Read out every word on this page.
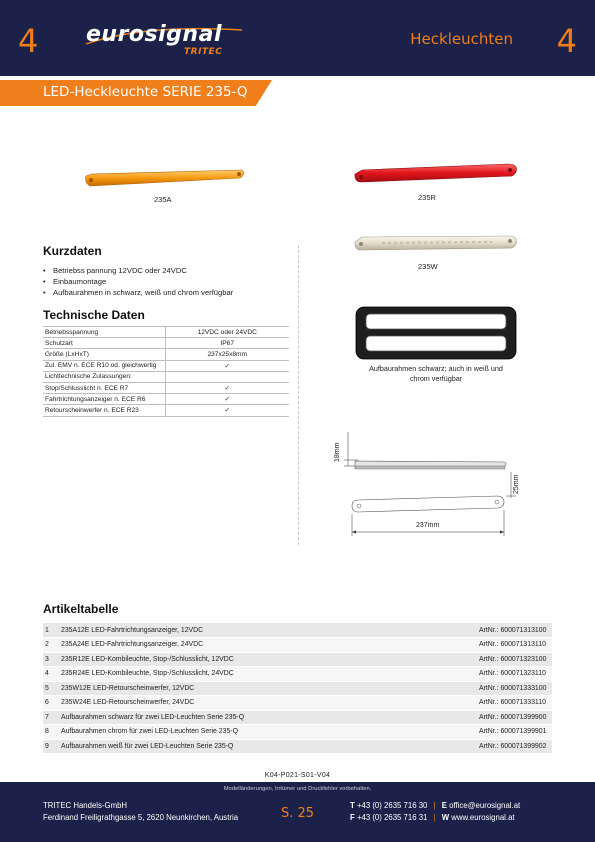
4 eurosignal
TRITEC
Heckleuchten 4
LED-Heckleuchte SERIE 235-Q
235A	235R
235W
Aufbaurahmen schwarz; auch in weiß und
chrom verfügbar
Kurzdaten
• Betriebss pannung 12VDC oder 24VDC
• Einbaumontage
• Aufbaurahmen in schwarz, weiß und chrom verfügbar
Technische Daten
Betriebsspannung	12VDC oder 24VDC
Schutzart	IP67
Größe (LxHxT)	237x25x8mm
Zul. EMV n. ECE R10 od. gleichwertig	✓
Lichttechnische Zulassungen:	
Stop/Schlusslicht n. ECE R7	✓
Fahrtrichtungsanzeiger n. ECE R6	✓
Retourscheinwerfer n. ECE R23	✓
18mm
25mm
237mm
Artikeltabelle
1	235A12E LED-Fahrtrichtungsanzeiger, 12VDC	ArtNr.: 600071313100
2	235A24E LED-Fahrtrichtungsanzeiger, 24VDC	ArtNr.: 600071313110
3	235R12E LED-Kombileuchte, Stop-/Schlusslicht, 12VDC	ArtNr.: 600071323100
4	235R24E LED-Kombileuchte, Stop-/Schlusslicht, 24VDC	ArtNr.: 600071323110
5	235W12E LED-Retourscheinwerfer, 12VDC	ArtNr.: 600071333100
6	235W24E LED-Retourscheinwerfer, 24VDC	ArtNr.: 600071333110
7	Aufbaurahmen schwarz für zwei LED-Leuchten Serie 235-Q	ArtNr.: 600071399900
8	Aufbaurahmen chrom für zwei LED-Leuchten Serie 235-Q	ArtNr.: 600071399901
9	Aufbaurahmen weiß für zwei LED-Leuchten Serie 235-Q	ArtNr.: 600071399902
K04-P021-S01-V04
Modelländerungen, Irrtümer und Druckfehler vorbehalten.
TRITEC Handels-GmbH
Ferdinand Freiligrathgasse 5, 2620 Neunkirchen, Austria	S. 25
T +43 (0) 2635 716 30 | E office@eurosignal.at
F +43 (0) 2635 716 31 | W www.eurosignal.at
